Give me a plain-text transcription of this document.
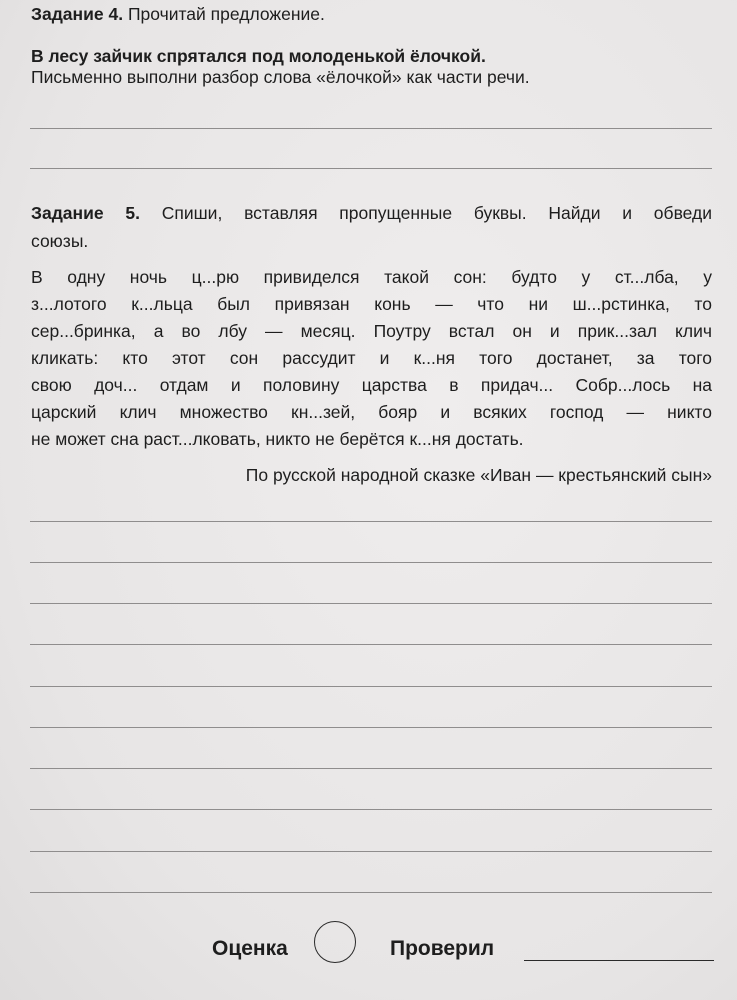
Задание 4. Прочитай предложение.
В лесу зайчик спрятался под молоденькой ёлочкой.
Письменно выполни разбор слова «ёлочкой» как части речи.
Задание 5. Спиши, вставляя пропущенные буквы. Найди и обведи
союзы.
В одну ночь ц...рю привиделся такой сон: будто у ст...лба, у
з...лотого к...льца был привязан конь — что ни ш...рстинка, то
сер...бринка, а во лбу — месяц. Поутру встал он и прик...зал клич
кликать: кто этот сон рассудит и к...ня того достанет, за того
свою доч... отдам и половину царства в придач... Собр...лось на
царский клич множество кн...зей, бояр и всяких господ — никто
не может сна раст...лковать, никто не берётся к...ня достать.
По русской народной сказке «Иван — крестьянский сын»
Оценка	Проверил
